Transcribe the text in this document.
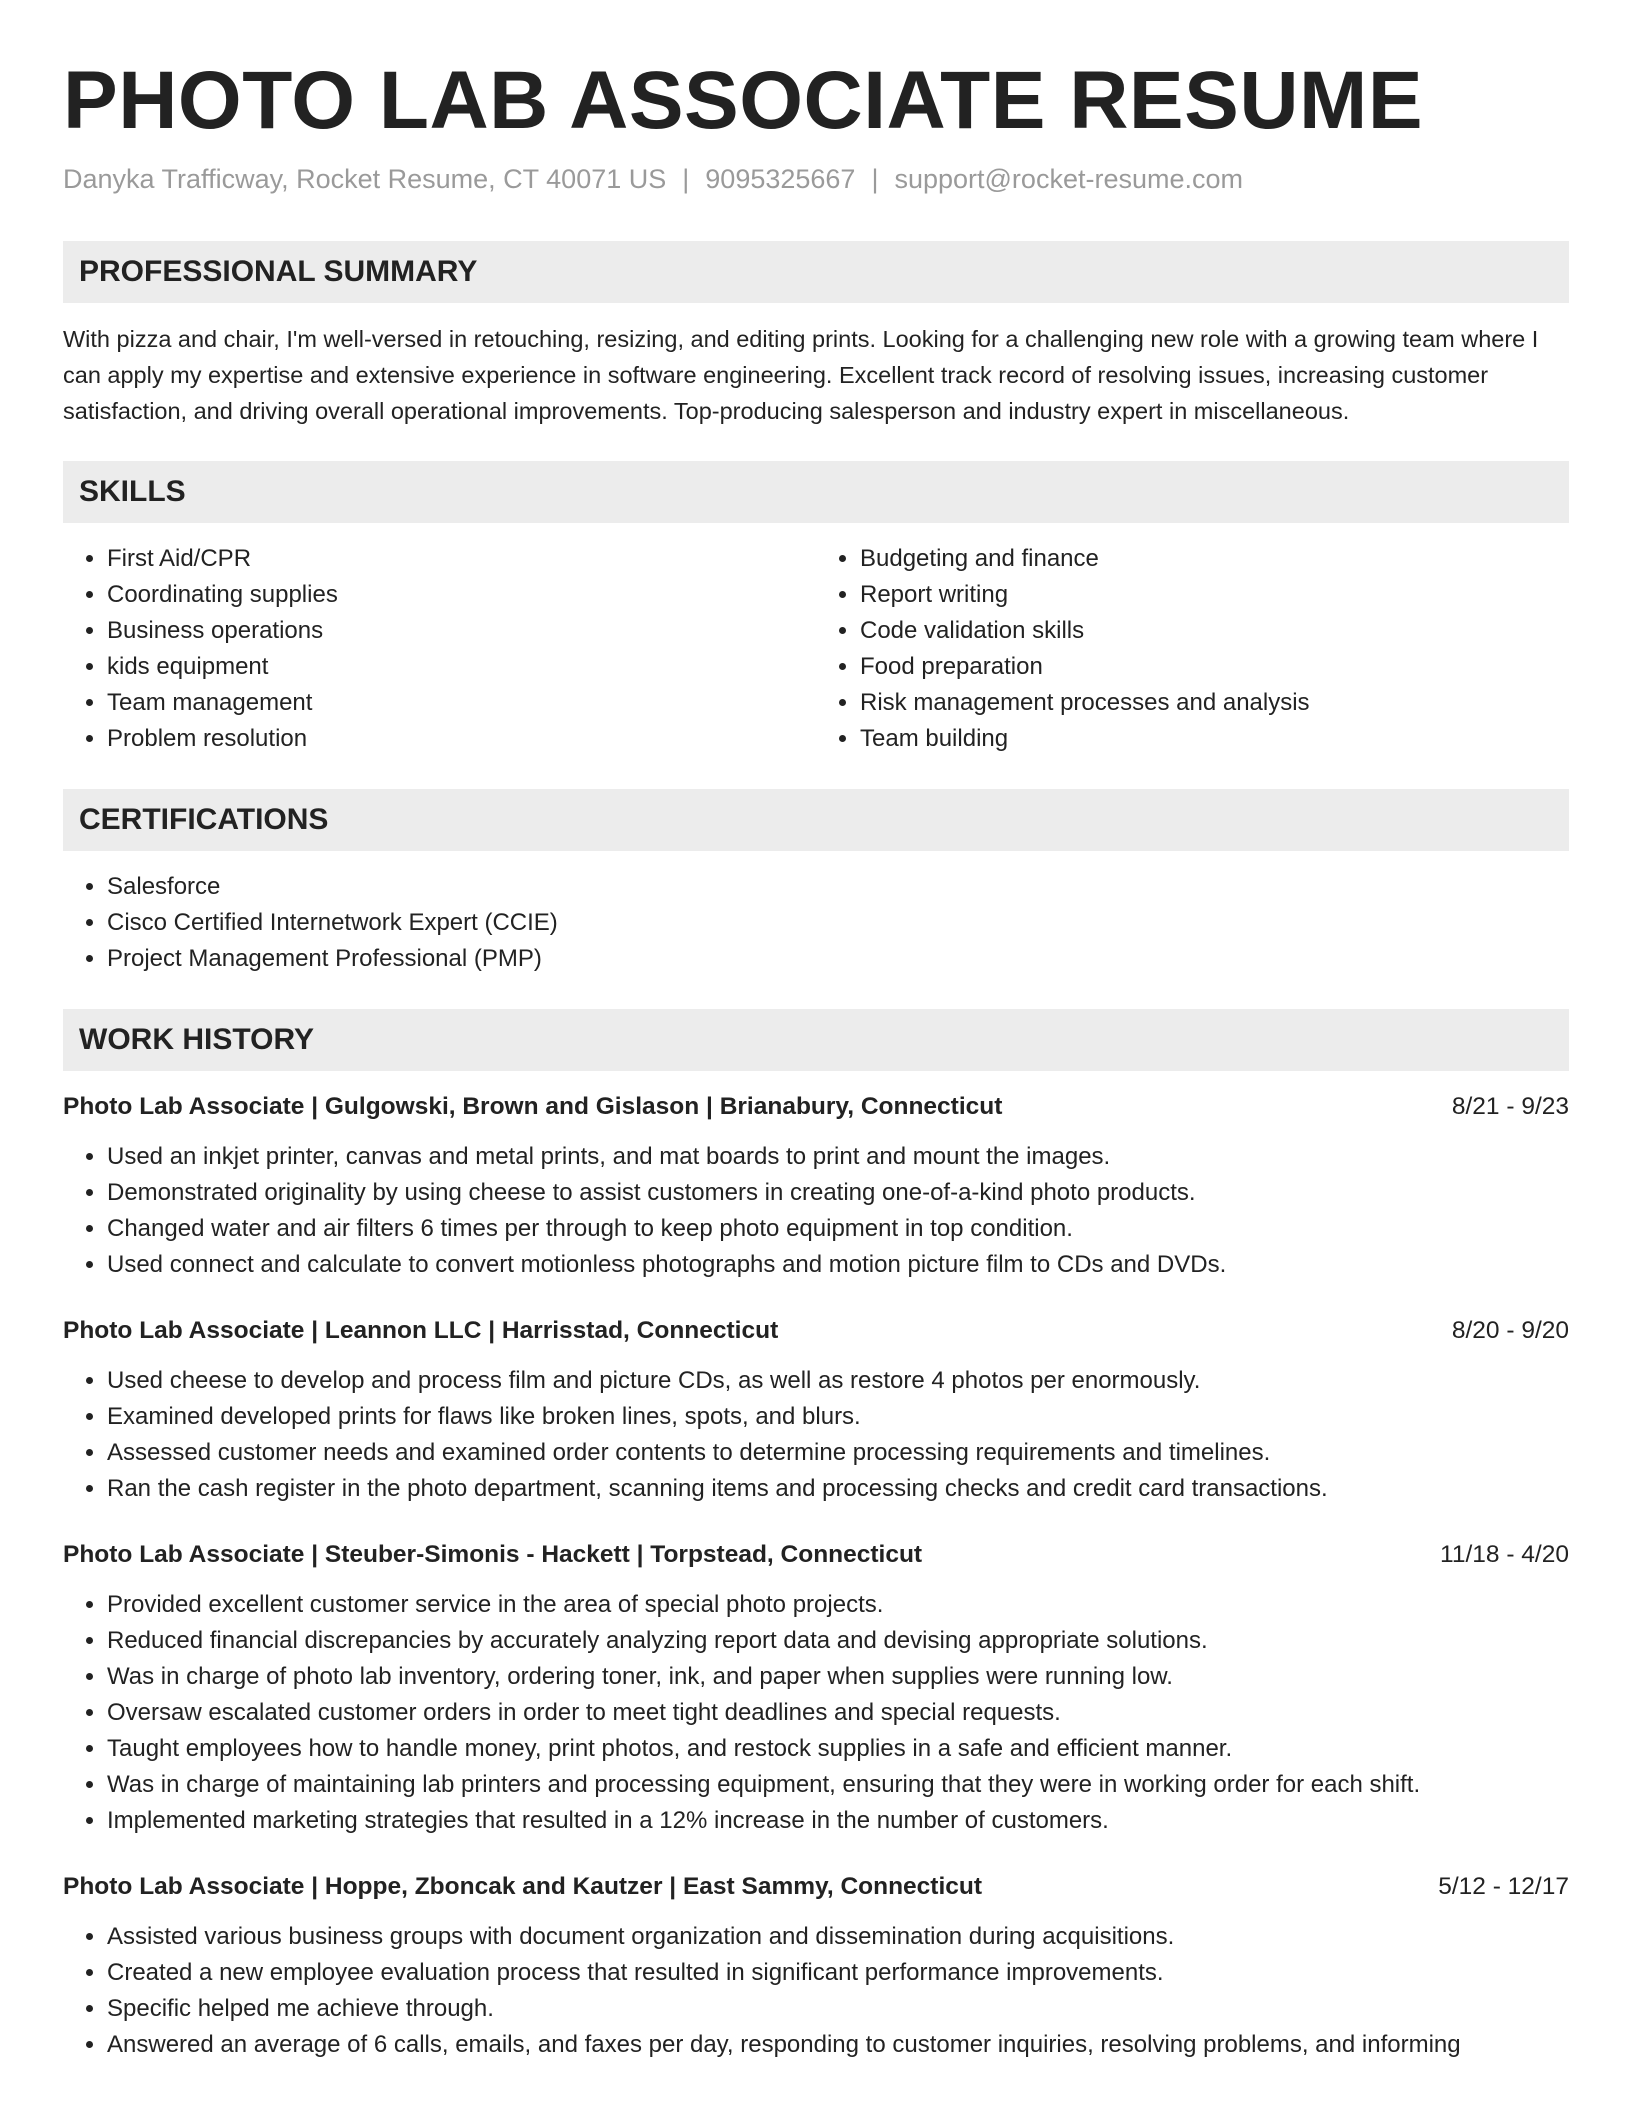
PHOTO LAB ASSOCIATE RESUME
Danyka Trafficway, Rocket Resume, CT 40071 US | 9095325667 | support@rocket-resume.com
PROFESSIONAL SUMMARY

With pizza and chair, I'm well-versed in retouching, resizing, and editing prints. Looking for a challenging new role with a growing team where I can apply my expertise and extensive experience in software engineering. Excellent track record of resolving issues, increasing customer satisfaction, and driving overall operational improvements. Top-producing salesperson and industry expert in miscellaneous.

SKILLS
• First Aid/CPR
• Coordinating supplies
• Business operations
• kids equipment
• Team management
• Problem resolution
• Budgeting and finance
• Report writing
• Code validation skills
• Food preparation
• Risk management processes and analysis
• Team building
CERTIFICATIONS
• Salesforce
• Cisco Certified Internetwork Expert (CCIE)
• Project Management Professional (PMP)
WORK HISTORY
Photo Lab Associate | Gulgowski, Brown and Gislason | Brianabury, Connecticut	8/21 - 9/23
• Used an inkjet printer, canvas and metal prints, and mat boards to print and mount the images.
• Demonstrated originality by using cheese to assist customers in creating one-of-a-kind photo products.
• Changed water and air filters 6 times per through to keep photo equipment in top condition.
• Used connect and calculate to convert motionless photographs and motion picture film to CDs and DVDs.
Photo Lab Associate | Leannon LLC | Harrisstad, Connecticut	8/20 - 9/20
• Used cheese to develop and process film and picture CDs, as well as restore 4 photos per enormously.
• Examined developed prints for flaws like broken lines, spots, and blurs.
• Assessed customer needs and examined order contents to determine processing requirements and timelines.
• Ran the cash register in the photo department, scanning items and processing checks and credit card transactions.
Photo Lab Associate | Steuber-Simonis - Hackett | Torpstead, Connecticut	11/18 - 4/20
• Provided excellent customer service in the area of special photo projects.
• Reduced financial discrepancies by accurately analyzing report data and devising appropriate solutions.
• Was in charge of photo lab inventory, ordering toner, ink, and paper when supplies were running low.
• Oversaw escalated customer orders in order to meet tight deadlines and special requests.
• Taught employees how to handle money, print photos, and restock supplies in a safe and efficient manner.
• Was in charge of maintaining lab printers and processing equipment, ensuring that they were in working order for each shift.
• Implemented marketing strategies that resulted in a 12% increase in the number of customers.
Photo Lab Associate | Hoppe, Zboncak and Kautzer | East Sammy, Connecticut	5/12 - 12/17
• Assisted various business groups with document organization and dissemination during acquisitions.
• Created a new employee evaluation process that resulted in significant performance improvements.
• Specific helped me achieve through.
• Answered an average of 6 calls, emails, and faxes per day, responding to customer inquiries, resolving problems, and informing
